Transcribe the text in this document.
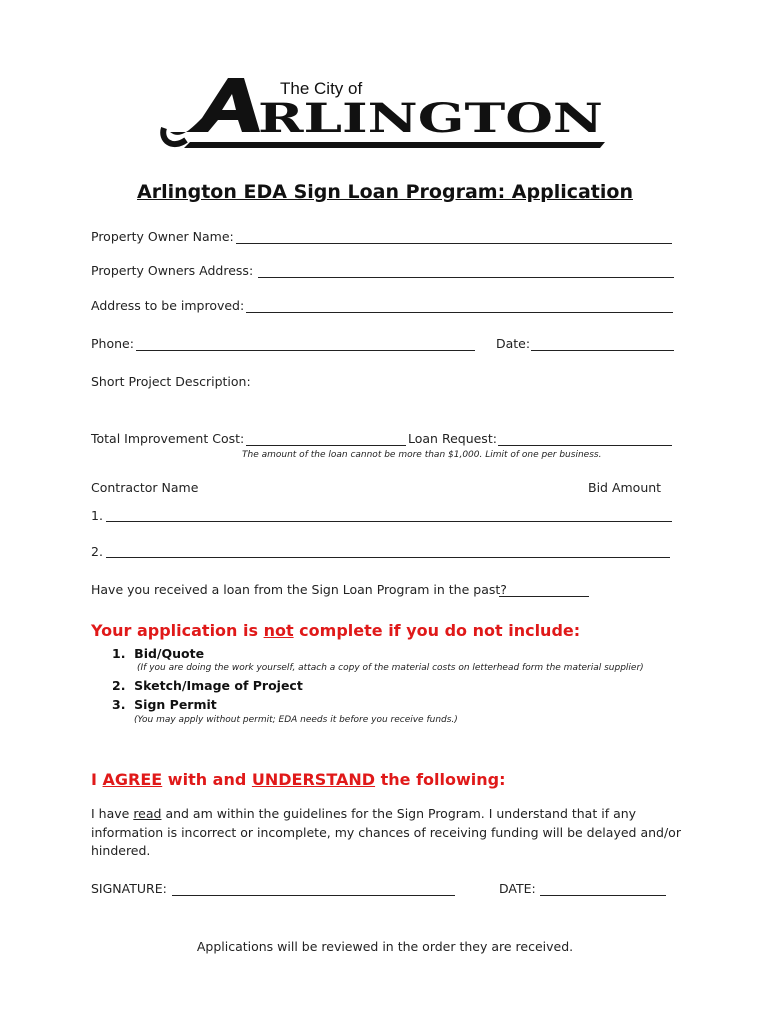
The City of
RLINGTON
Arlington EDA Sign Loan Program: Application
Property Owner Name:
Property Owners Address:
Address to be improved:
Phone:	Date:
Short Project Description:
Total Improvement Cost:	Loan Request:
The amount of the loan cannot be more than $1,000. Limit of one per business.
Contractor Name	Bid Amount
1.
2.
Have you received a loan from the Sign Loan Program in the past?
Your application is not complete if you do not include:
1. Bid/Quote
(If you are doing the work yourself, attach a copy of the material costs on letterhead form the material supplier)
2. Sketch/Image of Project
3. Sign Permit
(You may apply without permit; EDA needs it before you receive funds.)
I AGREE with and UNDERSTAND the following:
I have read and am within the guidelines for the Sign Program. I understand that if any information is incorrect or incomplete, my chances of receiving funding will be delayed and/or hindered.
SIGNATURE:	DATE:
Applications will be reviewed in the order they are received.
